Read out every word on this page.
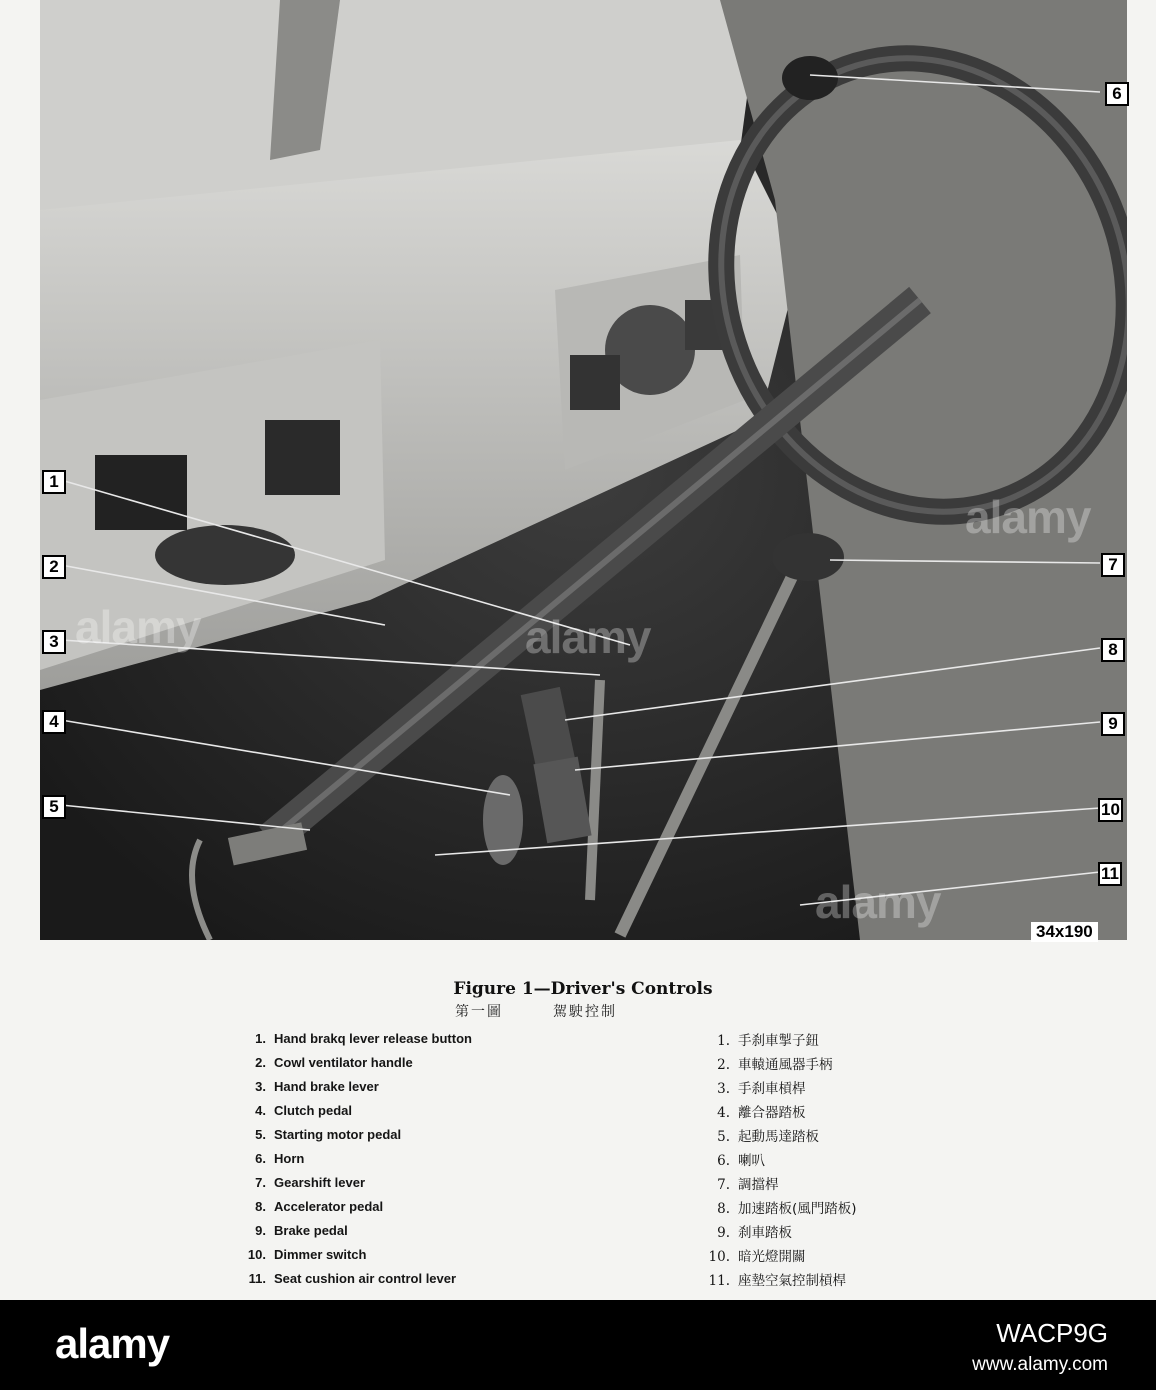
1
2
3
4
5
6
7
8
9
10
11
34x190
alamy	alamy
alamy
alamy
Figure 1—Driver's Controls
第一圖	駕駛控制
1. Hand brakq lever release button
2. Cowl ventilator handle
3. Hand brake lever
4. Clutch pedal
5. Starting motor pedal
6. Horn
7. Gearshift lever
8. Accelerator pedal
9. Brake pedal
10. Dimmer switch
11. Seat cushion air control lever
1. 手刹車掣子鈕
2. 車轅通風器手柄
3. 手刹車槓桿
4. 離合器踏板
5. 起動馬達踏板
6. 喇叭
7. 調擋桿
8. 加速踏板(風門踏板)
9. 刹車踏板
10. 暗光燈開關
11. 座墊空氣控制槓桿
alamy	WACP9G
www.alamy.com
